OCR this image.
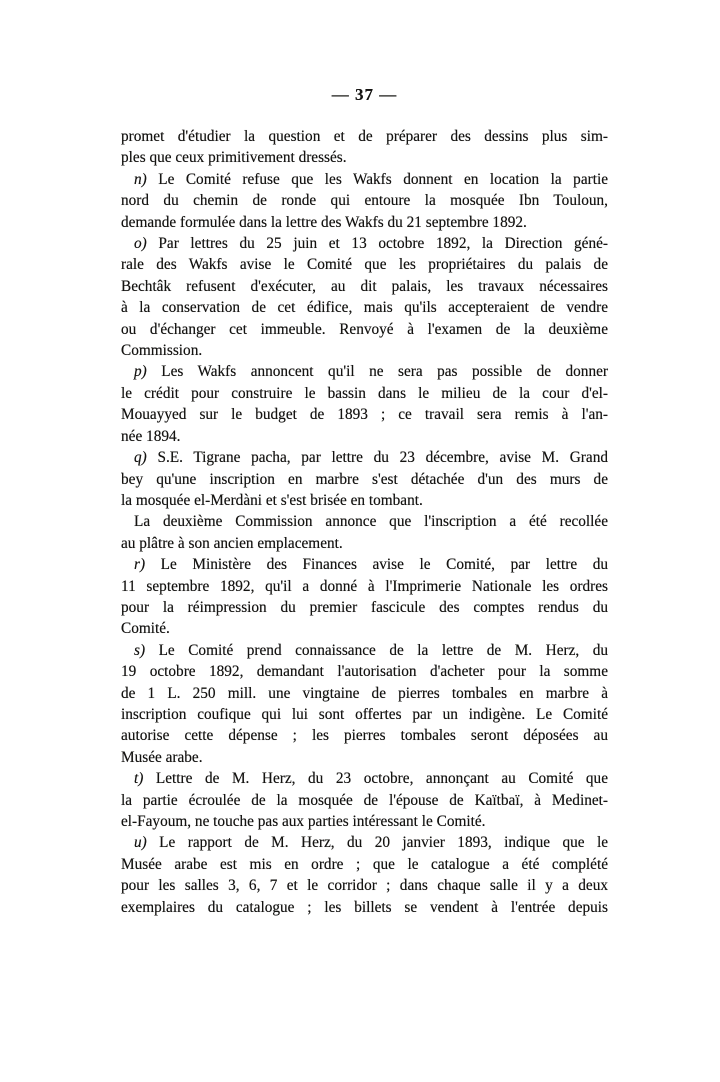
— 37 —
promet d'étudier la question et de préparer des dessins plus sim-
ples que ceux primitivement dressés.
n) Le Comité refuse que les Wakfs donnent en location la partie
nord du chemin de ronde qui entoure la mosquée Ibn Touloun,
demande formulée dans la lettre des Wakfs du 21 septembre 1892.
o) Par lettres du 25 juin et 13 octobre 1892, la Direction géné-
rale des Wakfs avise le Comité que les propriétaires du palais de
Bechtâk refusent d'exécuter, au dit palais, les travaux nécessaires
à la conservation de cet édifice, mais qu'ils accepteraient de vendre
ou d'échanger cet immeuble. Renvoyé à l'examen de la deuxième
Commission.
p) Les Wakfs annoncent qu'il ne sera pas possible de donner
le crédit pour construire le bassin dans le milieu de la cour d'el-
Mouayyed sur le budget de 1893 ; ce travail sera remis à l'an-
née 1894.
q) S.E. Tigrane pacha, par lettre du 23 décembre, avise M. Grand
bey qu'une inscription en marbre s'est détachée d'un des murs de
la mosquée el-Merdàni et s'est brisée en tombant.
La deuxième Commission annonce que l'inscription a été recollée
au plâtre à son ancien emplacement.
r) Le Ministère des Finances avise le Comité, par lettre du
11 septembre 1892, qu'il a donné à l'Imprimerie Nationale les ordres
pour la réimpression du premier fascicule des comptes rendus du
Comité.
s) Le Comité prend connaissance de la lettre de M. Herz, du
19 octobre 1892, demandant l'autorisation d'acheter pour la somme
de 1 L. 250 mill. une vingtaine de pierres tombales en marbre à
inscription coufique qui lui sont offertes par un indigène. Le Comité
autorise cette dépense ; les pierres tombales seront déposées au
Musée arabe.
t) Lettre de M. Herz, du 23 octobre, annonçant au Comité que
la partie écroulée de la mosquée de l'épouse de Kaïtbaï, à Medinet-
el-Fayoum, ne touche pas aux parties intéressant le Comité.
u) Le rapport de M. Herz, du 20 janvier 1893, indique que le
Musée arabe est mis en ordre ; que le catalogue a été complété
pour les salles 3, 6, 7 et le corridor ; dans chaque salle il y a deux
exemplaires du catalogue ; les billets se vendent à l'entrée depuis
